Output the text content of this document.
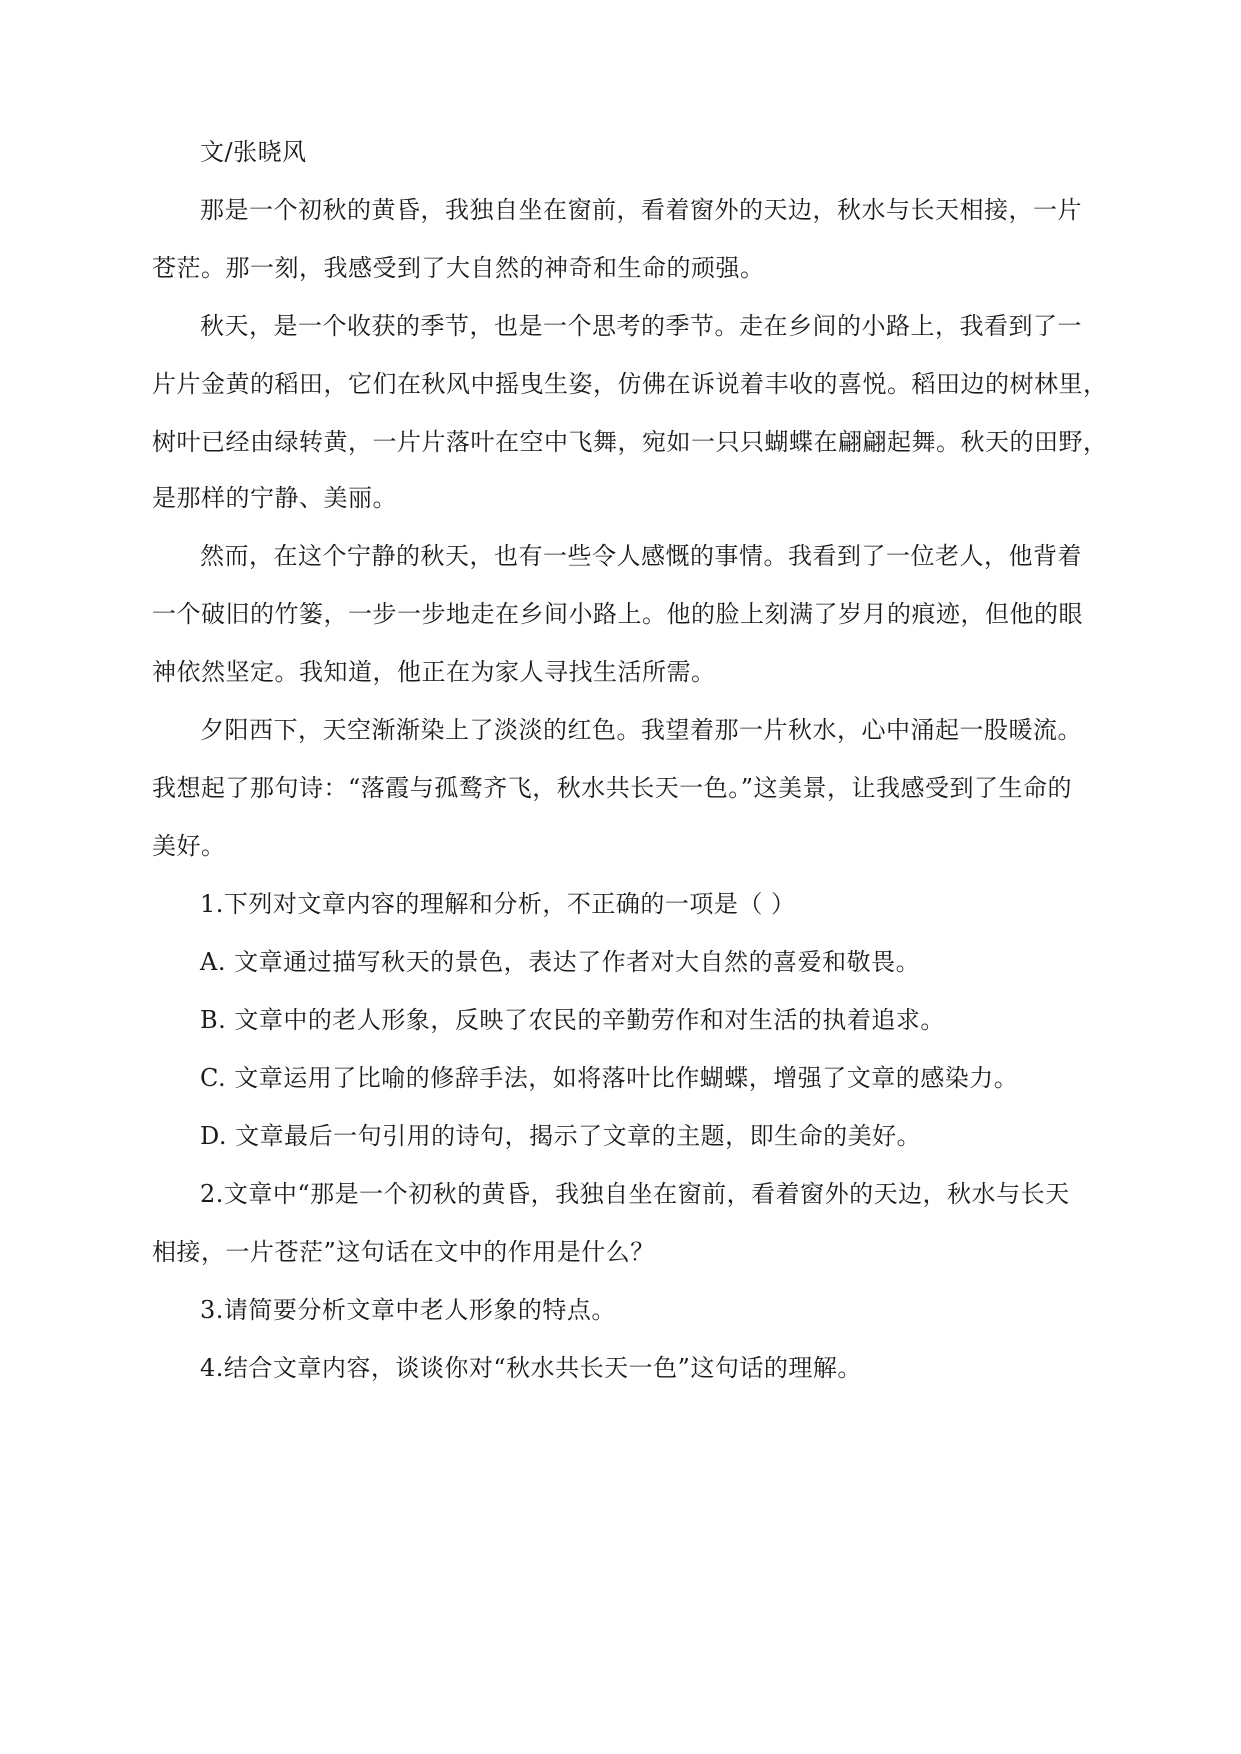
文/张晓风
那是一个初秋的黄昏，我独自坐在窗前，看着窗外的天边，秋水与长天相接，一片
苍茫。那一刻，我感受到了大自然的神奇和生命的顽强。
秋天，是一个收获的季节，也是一个思考的季节。走在乡间的小路上，我看到了一
片片金黄的稻田，它们在秋风中摇曳生姿，仿佛在诉说着丰收的喜悦。稻田边的树林里，
树叶已经由绿转黄，一片片落叶在空中飞舞，宛如一只只蝴蝶在翩翩起舞。秋天的田野，
是那样的宁静、美丽。
然而，在这个宁静的秋天，也有一些令人感慨的事情。我看到了一位老人，他背着
一个破旧的竹篓，一步一步地走在乡间小路上。他的脸上刻满了岁月的痕迹，但他的眼
神依然坚定。我知道，他正在为家人寻找生活所需。
夕阳西下，天空渐渐染上了淡淡的红色。我望着那一片秋水，心中涌起一股暖流。
我想起了那句诗：“落霞与孤鹜齐飞，秋水共长天一色。”这美景，让我感受到了生命的
美好。
1.下列对文章内容的理解和分析，不正确的一项是（ ）
A. 文章通过描写秋天的景色，表达了作者对大自然的喜爱和敬畏。
B. 文章中的老人形象，反映了农民的辛勤劳作和对生活的执着追求。
C. 文章运用了比喻的修辞手法，如将落叶比作蝴蝶，增强了文章的感染力。
D. 文章最后一句引用的诗句，揭示了文章的主题，即生命的美好。
2.文章中“那是一个初秋的黄昏，我独自坐在窗前，看着窗外的天边，秋水与长天
相接，一片苍茫”这句话在文中的作用是什么？
3.请简要分析文章中老人形象的特点。
4.结合文章内容，谈谈你对“秋水共长天一色”这句话的理解。
